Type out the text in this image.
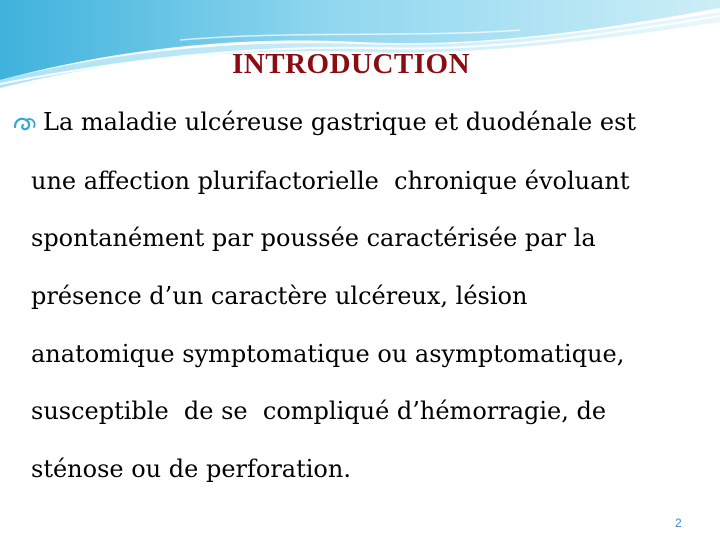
INTRODUCTION
La maladie ulcéreuse gastrique et duodénale est
une affection plurifactorielle  chronique évoluant
spontanément par poussée caractérisée par la
présence d’un caractère ulcéreux, lésion
anatomique symptomatique ou asymptomatique,
susceptible  de se  compliqué d’hémorragie, de
sténose ou de perforation.
2
